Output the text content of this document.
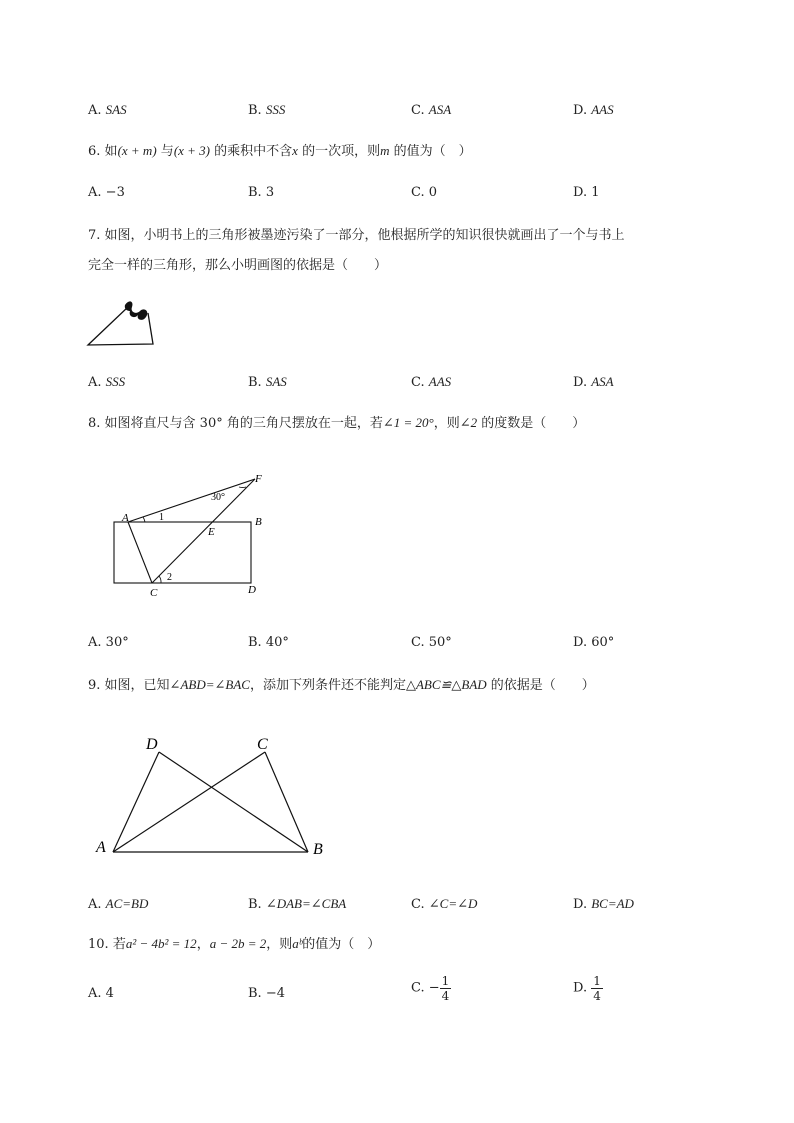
A. SAS	B. SSS	C. ASA	D. AAS
6. 如(x + m) 与(x + 3) 的乘积中不含x 的一次项，则m 的值为（　）
A. −3	B. 3	C. 0	D. 1
7. 如图，小明书上的三角形被墨迹污染了一部分，他根据所学的知识很快就画出了一个与书上
完全一样的三角形，那么小明画图的依据是（　　）
A. SSS	B. SAS	C. AAS	D. ASA
8. 如图将直尺与含 30° 角的三角尺摆放在一起，若∠1 = 20°，则∠2 的度数是（　　）
A	B
C	D
E
F
1
2
30°
A. 30°	B. 40°	C. 50°	D. 60°
9. 如图，已知∠ABD=∠BAC，添加下列条件还不能判定△ABC≌△BAD 的依据是（　　）
D	C
A	B
A. AC=BD	B. ∠DAB=∠CBA	C. ∠C=∠D	D. BC=AD
10. 若a² − 4b² = 12，a − 2b = 2，则aᵇ的值为（　）
A. 4	B. −4	C. − $\frac{1}{4}$	D. $\frac{1}{4}$
